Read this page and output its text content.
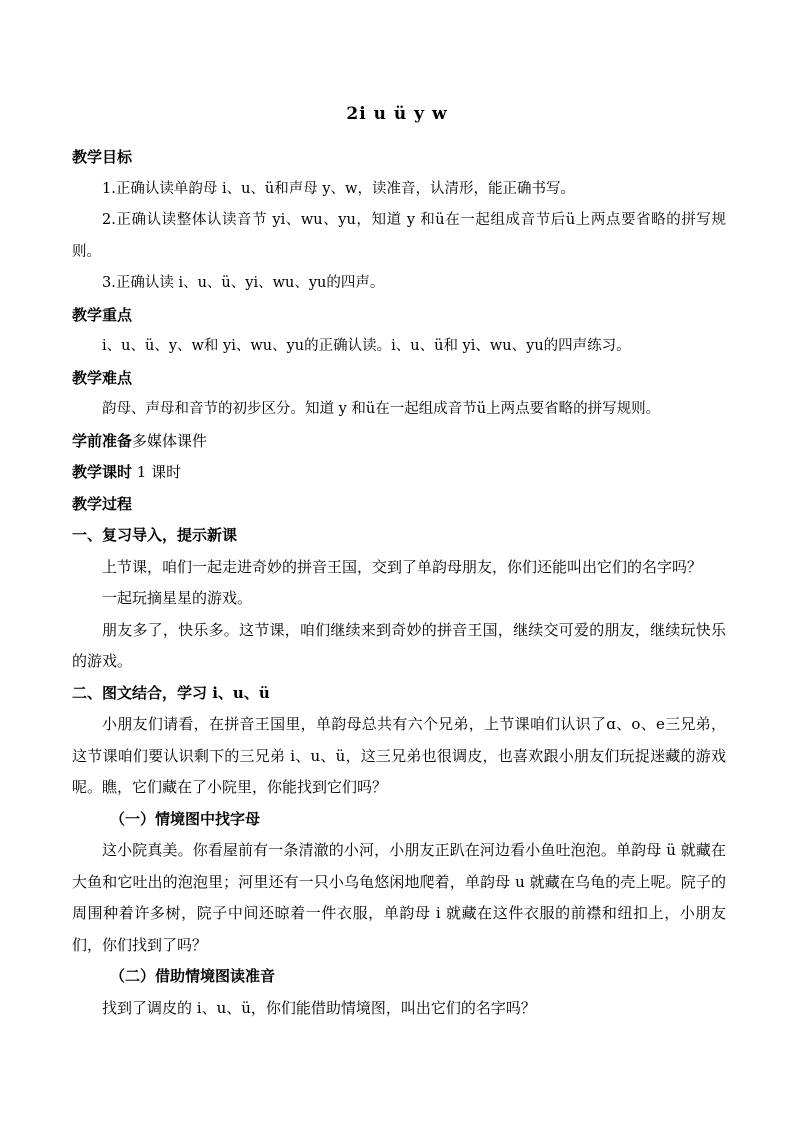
2i u ü y w

教学目标

1.正确认读单韵母 i、u、ü和声母 y、w，读准音，认清形，能正确书写。

2.正确认读整体认读音节 yi、wu、yu，知道 y 和ü在一起组成音节后ü上两点要省略的拼写规则。

3.正确认读 i、u、ü、yi、wu、yu的四声。

教学重点

i、u、ü、y、w和 yi、wu、yu的正确认读。i、u、ü和 yi、wu、yu的四声练习。

教学难点

韵母、声母和音节的初步区分。知道 y 和ü在一起组成音节ü上两点要省略的拼写规则。

学前准备多媒体课件

教学课时 1 课时

教学过程

一、复习导入，提示新课

上节课，咱们一起走进奇妙的拼音王国，交到了单韵母朋友，你们还能叫出它们的名字吗？

一起玩摘星星的游戏。

朋友多了，快乐多。这节课，咱们继续来到奇妙的拼音王国，继续交可爱的朋友，继续玩快乐的游戏。

二、图文结合，学习 i、u、ü

小朋友们请看，在拼音王国里，单韵母总共有六个兄弟，上节课咱们认识了ɑ、o、e三兄弟，这节课咱们要认识剩下的三兄弟 i、u、ü，这三兄弟也很调皮，也喜欢跟小朋友们玩捉迷藏的游戏呢。瞧，它们藏在了小院里，你能找到它们吗？

（一）情境图中找字母

这小院真美。你看屋前有一条清澈的小河，小朋友正趴在河边看小鱼吐泡泡。单韵母 ü 就藏在大鱼和它吐出的泡泡里；河里还有一只小乌龟悠闲地爬着，单韵母 u 就藏在乌龟的壳上呢。院子的周围种着许多树，院子中间还晾着一件衣服，单韵母 i 就藏在这件衣服的前襟和纽扣上，小朋友们，你们找到了吗？

（二）借助情境图读准音

找到了调皮的 i、u、ü，你们能借助情境图，叫出它们的名字吗？
